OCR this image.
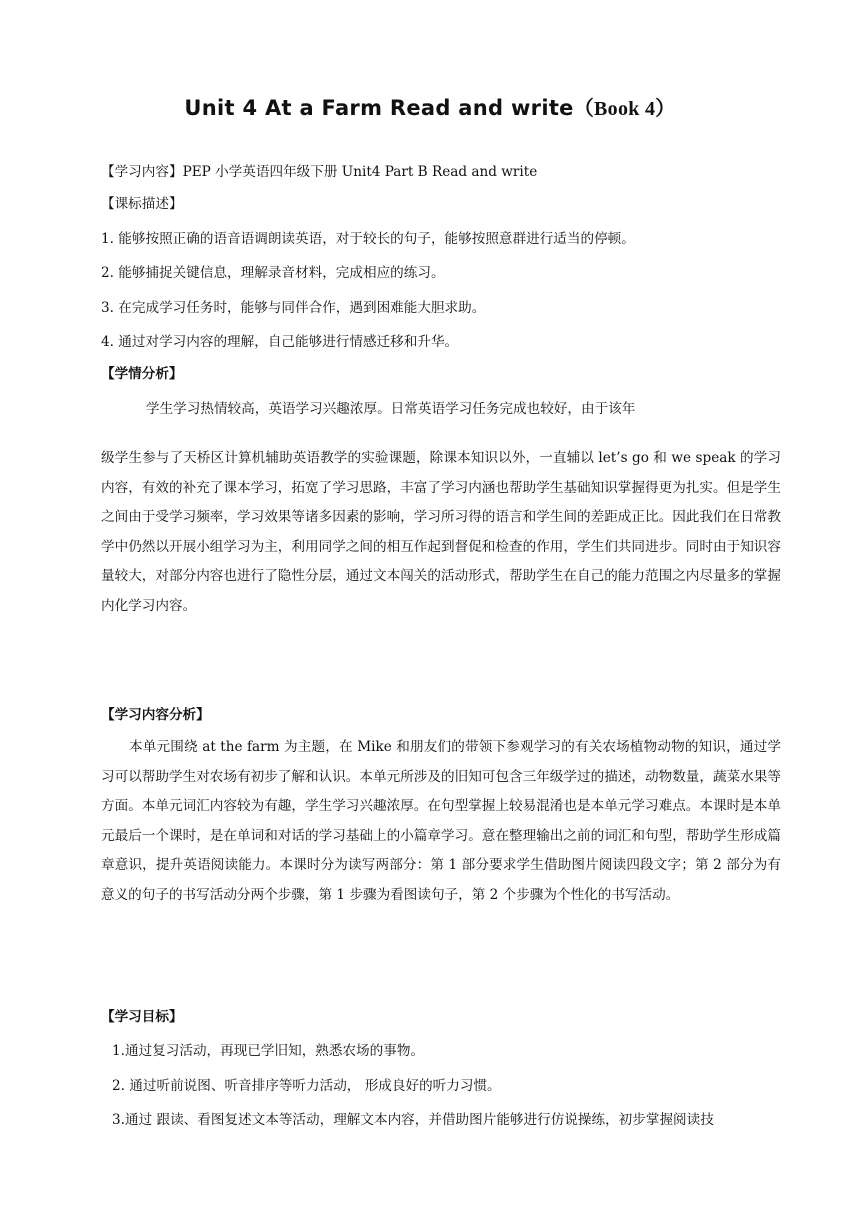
Unit 4 At a Farm Read and write（Book 4）
【学习内容】PEP 小学英语四年级下册 Unit4 Part B Read and write
【课标描述】
1. 能够按照正确的语音语调朗读英语，对于较长的句子，能够按照意群进行适当的停顿。
2. 能够捕捉关键信息，理解录音材料，完成相应的练习。
3. 在完成学习任务时，能够与同伴合作，遇到困难能大胆求助。
4. 通过对学习内容的理解，自己能够进行情感迁移和升华。
【学情分析】
学生学习热情较高，英语学习兴趣浓厚。日常英语学习任务完成也较好，由于该年
级学生参与了天桥区计算机辅助英语教学的实验课题，除课本知识以外，一直辅以 let’s go 和 we speak 的学习内容，有效的补充了课本学习，拓宽了学习思路，丰富了学习内涵也帮助学生基础知识掌握得更为扎实。但是学生之间由于受学习频率，学习效果等诸多因素的影响，学习所习得的语言和学生间的差距成正比。因此我们在日常教学中仍然以开展小组学习为主，利用同学之间的相互作起到督促和检查的作用，学生们共同进步。同时由于知识容量较大，对部分内容也进行了隐性分层，通过文本闯关的活动形式，帮助学生在自己的能力范围之内尽量多的掌握内化学习内容。
【学习内容分析】
本单元围绕 at the farm 为主题，在 Mike 和朋友们的带领下参观学习的有关农场植物动物的知识，通过学习可以帮助学生对农场有初步了解和认识。本单元所涉及的旧知可包含三年级学过的描述，动物数量，蔬菜水果等方面。本单元词汇内容较为有趣，学生学习兴趣浓厚。在句型掌握上较易混淆也是本单元学习难点。本课时是本单元最后一个课时，是在单词和对话的学习基础上的小篇章学习。意在整理输出之前的词汇和句型，帮助学生形成篇章意识，提升英语阅读能力。本课时分为读写两部分：第 1 部分要求学生借助图片阅读四段文字；第 2 部分为有意义的句子的书写活动分两个步骤，第 1 步骤为看图读句子，第 2 个步骤为个性化的书写活动。
【学习目标】
1.通过复习活动，再现已学旧知，熟悉农场的事物。
2. 通过听前说图、听音排序等听力活动， 形成良好的听力习惯。
3.通过 跟读、看图复述文本等活动，理解文本内容，并借助图片能够进行仿说操练，初步掌握阅读技
